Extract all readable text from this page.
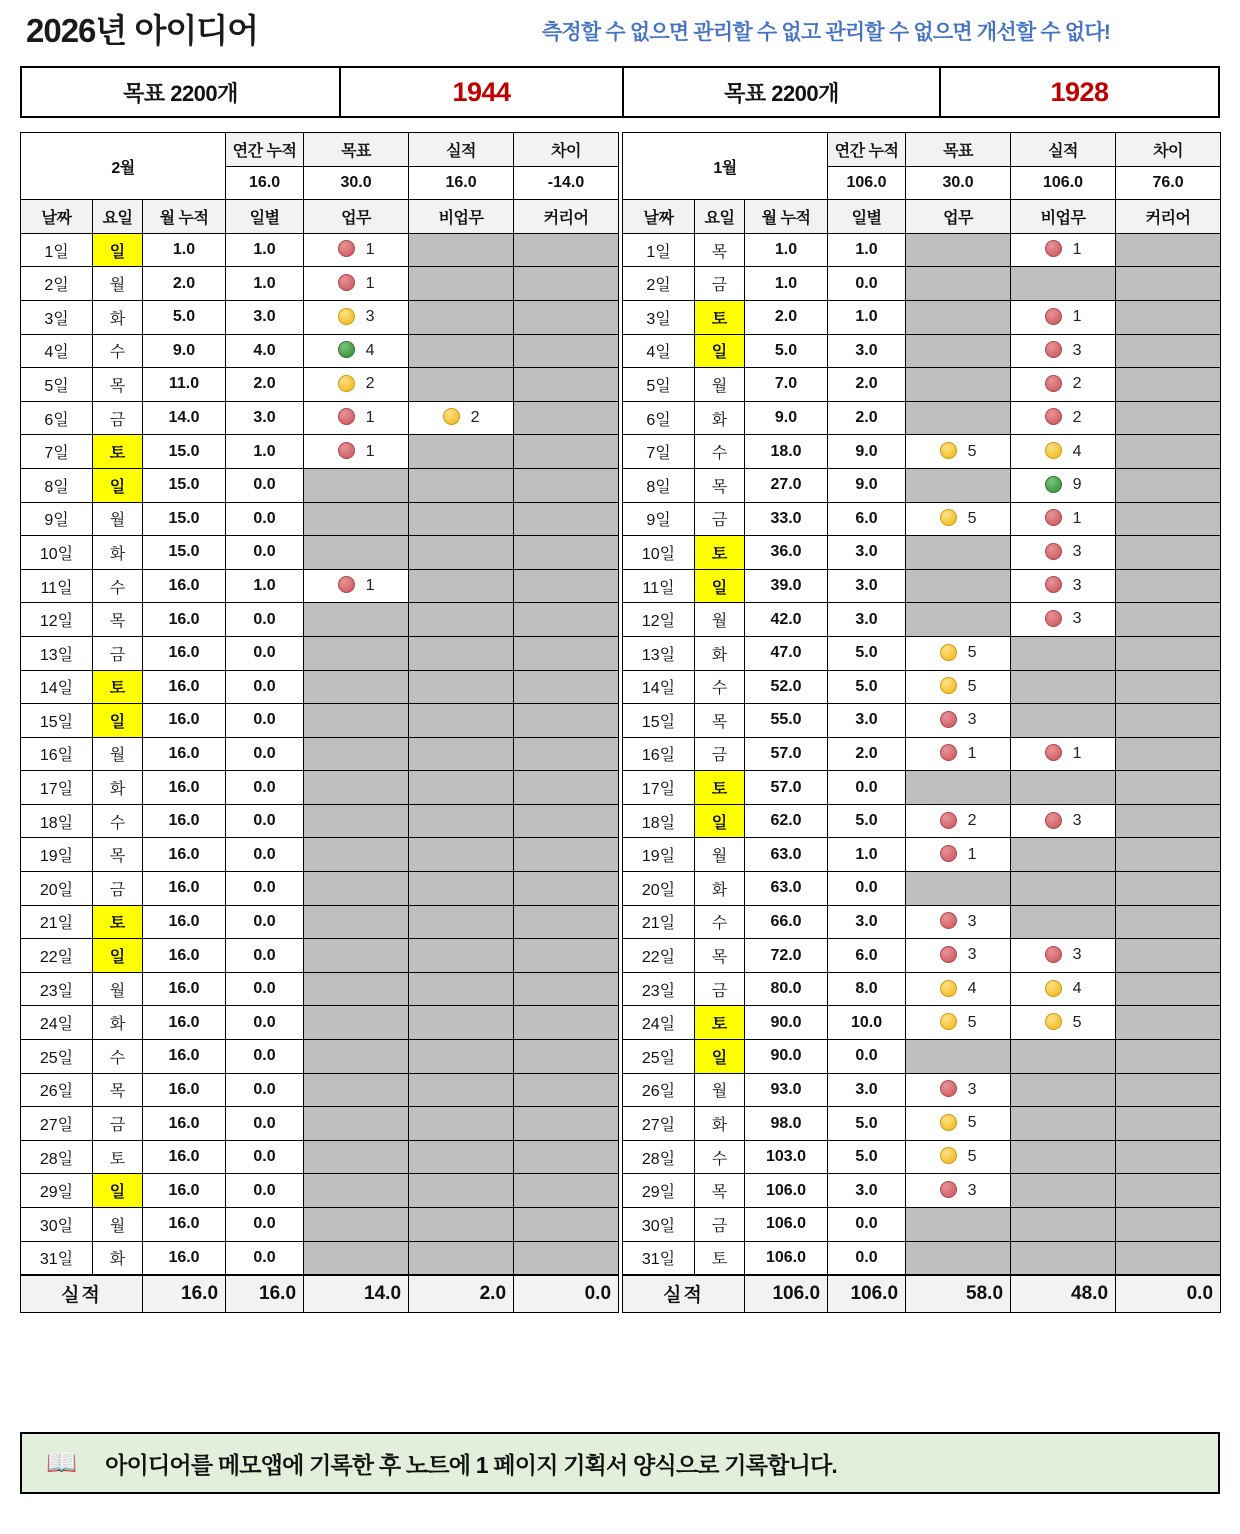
2026년 아이디어	측정할 수 없으면 관리할 수 없고 관리할 수 없으면 개선할 수 없다!
목표 2200개	1944	목표 2200개	1928
2월			연간 누적	목표	실적	차이
			16.0	30.0	16.0	-14.0
날짜	요일	월 누적	일별	업무	비업무	커리어
1일	일	1.0	1.0	1		
2일	월	2.0	1.0	1		
3일	화	5.0	3.0	3		
4일	수	9.0	4.0	4		
5일	목	11.0	2.0	2		
6일	금	14.0	3.0	1	2	
7일	토	15.0	1.0	1		
8일	일	15.0	0.0			
9일	월	15.0	0.0			
10일	화	15.0	0.0			
11일	수	16.0	1.0	1		
12일	목	16.0	0.0			
13일	금	16.0	0.0			
14일	토	16.0	0.0			
15일	일	16.0	0.0			
16일	월	16.0	0.0			
17일	화	16.0	0.0			
18일	수	16.0	0.0			
19일	목	16.0	0.0			
20일	금	16.0	0.0			
21일	토	16.0	0.0			
22일	일	16.0	0.0			
23일	월	16.0	0.0			
24일	화	16.0	0.0			
25일	수	16.0	0.0			
26일	목	16.0	0.0			
27일	금	16.0	0.0			
28일	토	16.0	0.0			
29일	일	16.0	0.0			
30일	월	16.0	0.0			
31일	화	16.0	0.0			
실적		16.0	16.0	14.0	2.0	0.0
1월			연간 누적	목표	실적	차이
			106.0	30.0	106.0	76.0
날짜	요일	월 누적	일별	업무	비업무	커리어
1일	목	1.0	1.0		1	
2일	금	1.0	0.0			
3일	토	2.0	1.0		1	
4일	일	5.0	3.0		3	
5일	월	7.0	2.0		2	
6일	화	9.0	2.0		2	
7일	수	18.0	9.0	5	4	
8일	목	27.0	9.0		9	
9일	금	33.0	6.0	5	1	
10일	토	36.0	3.0		3	
11일	일	39.0	3.0		3	
12일	월	42.0	3.0		3	
13일	화	47.0	5.0	5		
14일	수	52.0	5.0	5		
15일	목	55.0	3.0	3		
16일	금	57.0	2.0	1	1	
17일	토	57.0	0.0			
18일	일	62.0	5.0	2	3	
19일	월	63.0	1.0	1		
20일	화	63.0	0.0			
21일	수	66.0	3.0	3		
22일	목	72.0	6.0	3	3	
23일	금	80.0	8.0	4	4	
24일	토	90.0	10.0	5	5	
25일	일	90.0	0.0			
26일	월	93.0	3.0	3		
27일	화	98.0	5.0	5		
28일	수	103.0	5.0	5		
29일	목	106.0	3.0	3		
30일	금	106.0	0.0			
31일	토	106.0	0.0			
실적		106.0	106.0	58.0	48.0	0.0
📖 아이디어를 메모앱에 기록한 후 노트에 1 페이지 기획서 양식으로 기록합니다.
